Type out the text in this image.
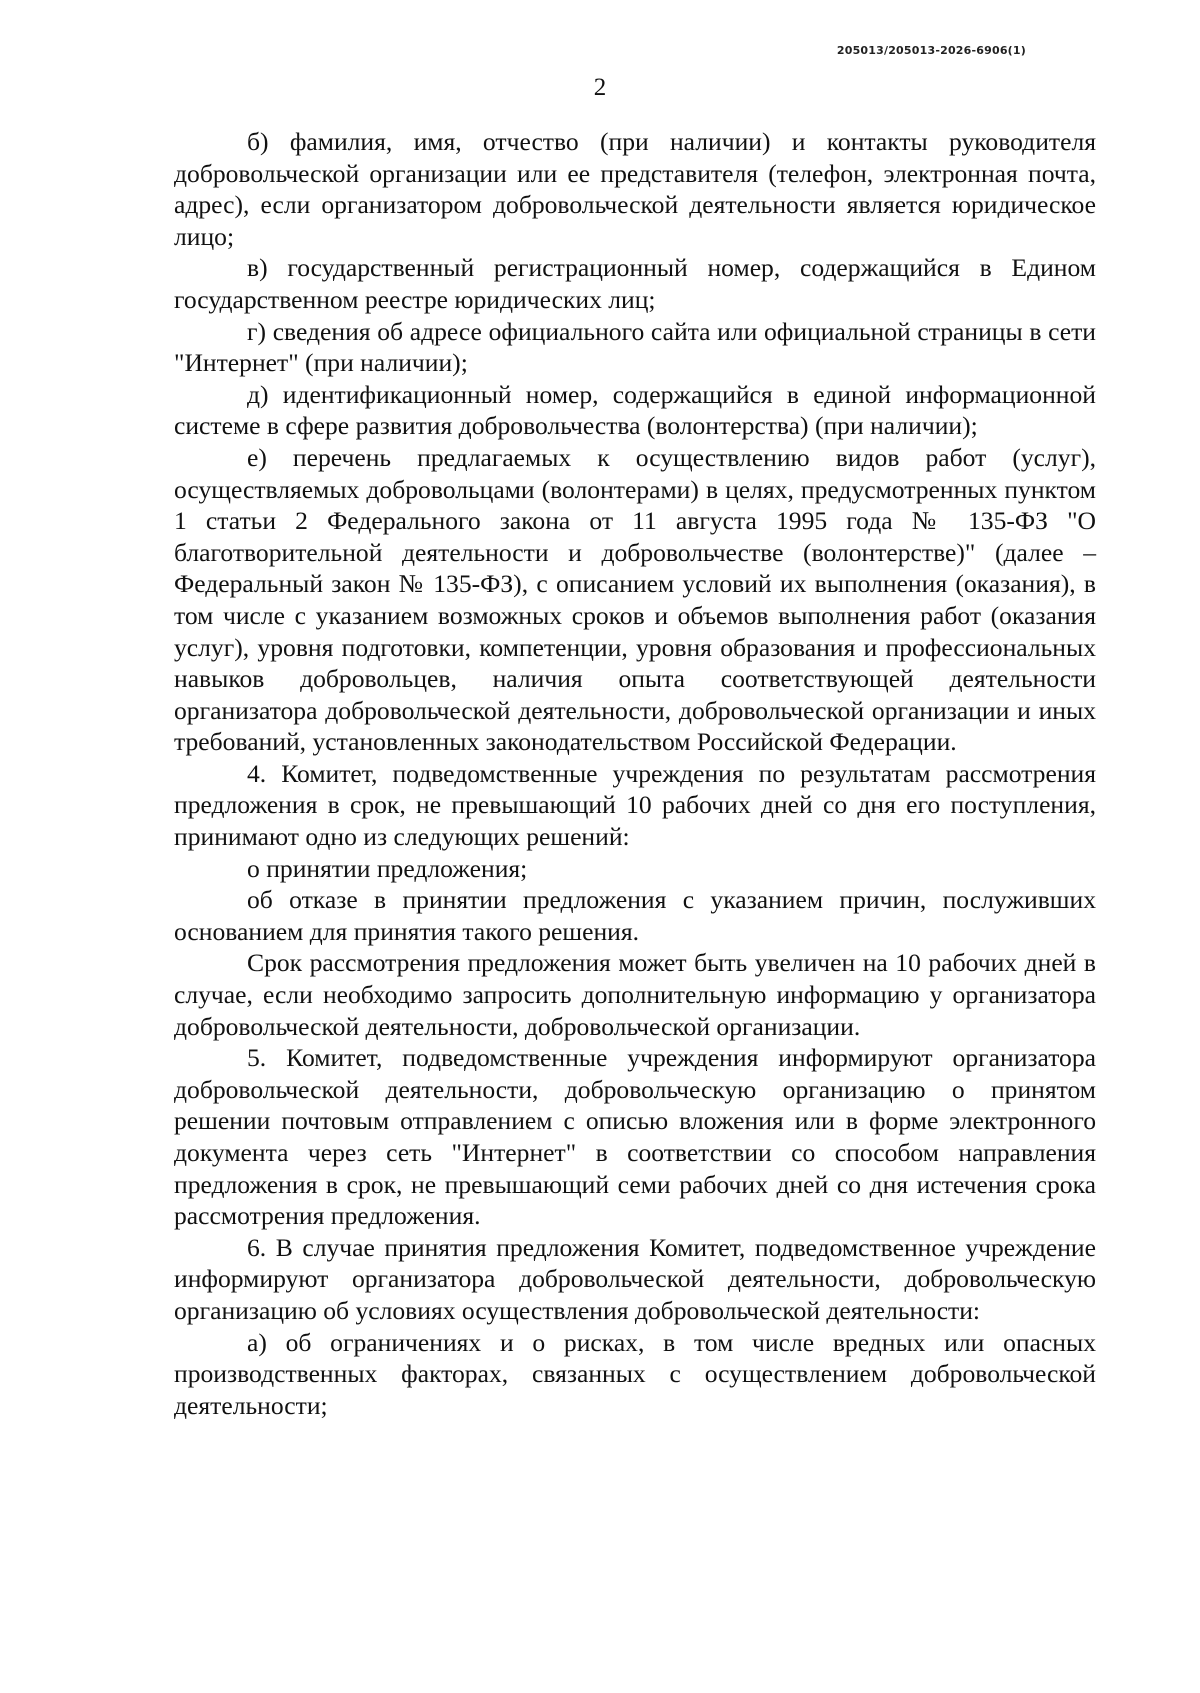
205013/205013-2026-6906(1)
2

б) фамилия, имя, отчество (при наличии) и контакты руководителя добровольческой организации или ее представителя (телефон, электронная почта, адрес), если организатором добровольческой деятельности является юридическое лицо;

в) государственный регистрационный номер, содержащийся в Едином государственном реестре юридических лиц;

г) сведения об адресе официального сайта или официальной страницы в сети "Интернет" (при наличии);

д) идентификационный номер, содержащийся в единой информационной системе в сфере развития добровольчества (волонтерства) (при наличии);

е) перечень предлагаемых к осуществлению видов работ (услуг), осуществляемых добровольцами (волонтерами) в целях, предусмотренных пунктом 1 статьи 2 Федерального закона от 11 августа 1995 года № 135-ФЗ "О благотворительной деятельности и добровольчестве (волонтерстве)" (далее – Федеральный закон № 135-ФЗ), с описанием условий их выполнения (оказания), в том числе с указанием возможных сроков и объемов выполнения работ (оказания услуг), уровня подготовки, компетенции, уровня образования и профессиональных навыков добровольцев, наличия опыта соответствующей деятельности организатора добровольческой деятельности, добровольческой организации и иных требований, установленных законодательством Российской Федерации.

4. Комитет, подведомственные учреждения по результатам рассмотрения предложения в срок, не превышающий 10 рабочих дней со дня его поступления, принимают одно из следующих решений:

о принятии предложения;

об отказе в принятии предложения с указанием причин, послуживших основанием для принятия такого решения.

Срок рассмотрения предложения может быть увеличен на 10 рабочих дней в случае, если необходимо запросить дополнительную информацию у организатора добровольческой деятельности, добровольческой организации.

5. Комитет, подведомственные учреждения информируют организатора добровольческой деятельности, добровольческую организацию о принятом решении почтовым отправлением с описью вложения или в форме электронного документа через сеть "Интернет" в соответствии со способом направления предложения в срок, не превышающий семи рабочих дней со дня истечения срока рассмотрения предложения.

6. В случае принятия предложения Комитет, подведомственное учреждение информируют организатора добровольческой деятельности, добровольческую организацию об условиях осуществления добровольческой деятельности:

а) об ограничениях и о рисках, в том числе вредных или опасных производственных факторах, связанных с осуществлением добровольческой деятельности;
